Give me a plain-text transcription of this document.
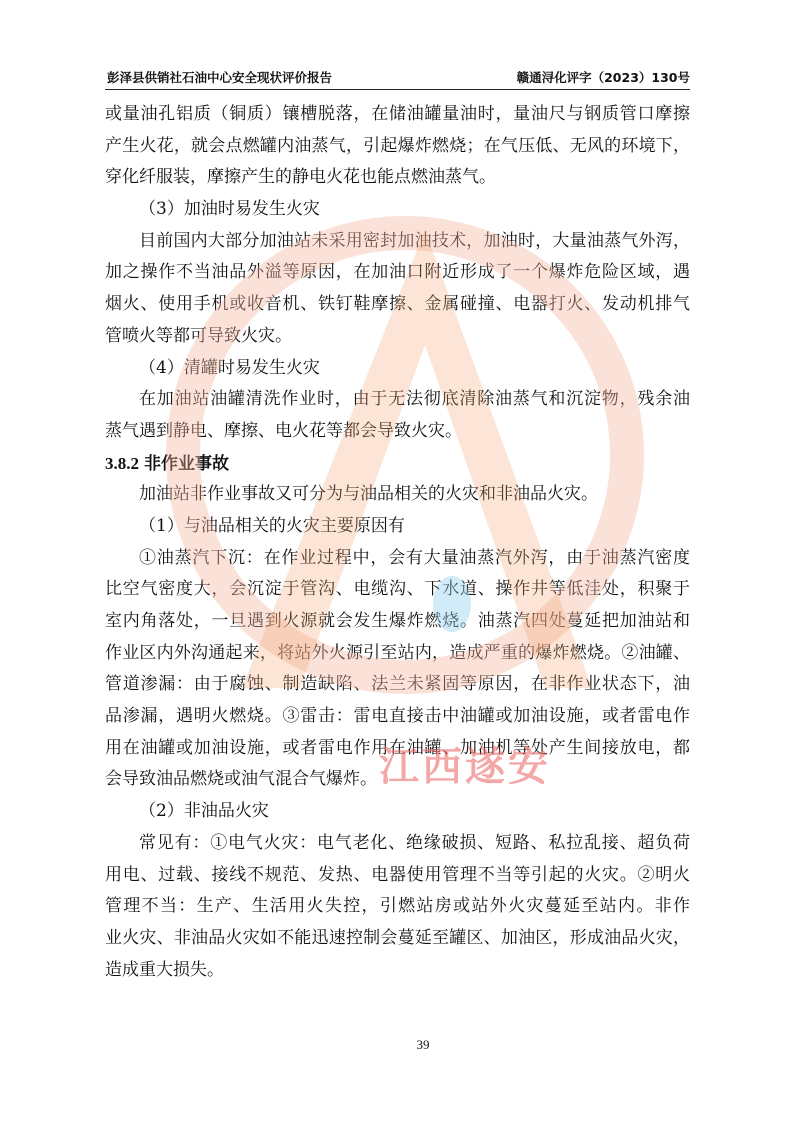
彭泽县供销社石油中心安全现状评价报告	赣通浔化评字（2023）130号
或量油孔铝质（铜质）镶槽脱落，在储油罐量油时，量油尺与钢质管口摩擦
产生火花，就会点燃罐内油蒸气，引起爆炸燃烧；在气压低、无风的环境下，
穿化纤服装，摩擦产生的静电火花也能点燃油蒸气。
（3）加油时易发生火灾
目前国内大部分加油站未采用密封加油技术，加油时，大量油蒸气外泻，
加之操作不当油品外溢等原因，在加油口附近形成了一个爆炸危险区域，遇
烟火、使用手机或收音机、铁钉鞋摩擦、金属碰撞、电器打火、发动机排气
管喷火等都可导致火灾。
（4）清罐时易发生火灾
在加油站油罐清洗作业时，由于无法彻底清除油蒸气和沉淀物，残余油
蒸气遇到静电、摩擦、电火花等都会导致火灾。
3.8.2 非作业事故
加油站非作业事故又可分为与油品相关的火灾和非油品火灾。
（1）与油品相关的火灾主要原因有
①油蒸汽下沉：在作业过程中，会有大量油蒸汽外泻，由于油蒸汽密度
比空气密度大，会沉淀于管沟、电缆沟、下水道、操作井等低洼处，积聚于
室内角落处，一旦遇到火源就会发生爆炸燃烧。油蒸汽四处蔓延把加油站和
作业区内外沟通起来，将站外火源引至站内，造成严重的爆炸燃烧。②油罐、
管道渗漏：由于腐蚀、制造缺陷、法兰未紧固等原因，在非作业状态下，油
品渗漏，遇明火燃烧。③雷击：雷电直接击中油罐或加油设施，或者雷电作
用在油罐或加油设施，或者雷电作用在油罐、加油机等处产生间接放电，都
会导致油品燃烧或油气混合气爆炸。
（2）非油品火灾
常见有：①电气火灾：电气老化、绝缘破损、短路、私拉乱接、超负荷
用电、过载、接线不规范、发热、电器使用管理不当等引起的火灾。②明火
管理不当：生产、生活用火失控，引燃站房或站外火灾蔓延至站内。非作
业火灾、非油品火灾如不能迅速控制会蔓延至罐区、加油区，形成油品火灾，
造成重大损失。
39
江西遂安
